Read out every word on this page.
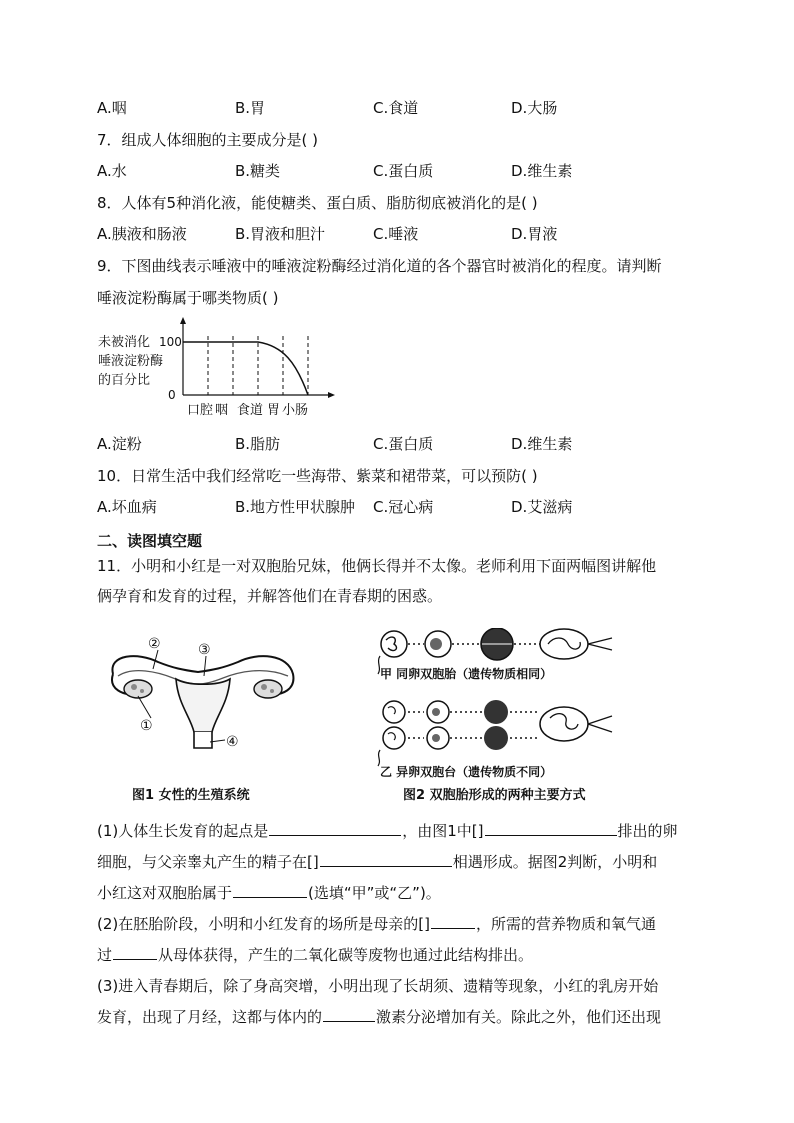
A.咽	B.胃	C.食道	D.大肠
7．组成人体细胞的主要成分是( )
A.水	B.糖类	C.蛋白质	D.维生素
8．人体有5种消化液，能使糖类、蛋白质、脂肪彻底被消化的是( )
A.胰液和肠液	B.胃液和胆汁	C.唾液	D.胃液
9．下图曲线表示唾液中的唾液淀粉酶经过消化道的各个器官时被消化的程度。请判断
唾液淀粉酶属于哪类物质( )
未被消化
唾液淀粉酶
的百分比
100
0
口腔 咽 食道 胃 小肠
A.淀粉	B.脂肪	C.蛋白质	D.维生素
10．日常生活中我们经常吃一些海带、紫菜和裙带菜，可以预防( )
A.坏血病	B.地方性甲状腺肿 C.冠心病	D.艾滋病
二、读图填空题
11．小明和小红是一对双胞胎兄妹，他俩长得并不太像。老师利用下面两幅图讲解他
俩孕育和发育的过程，并解答他们在青春期的困惑。
②	③
①
④
图1 女性的生殖系统
甲 同卵双胞胎（遗传物质相同）
乙 异卵双胞台（遗传物质不同）
图2 双胞胎形成的两种主要方式
(1)人体生长发育的起点是	，由图1中[]	排出的卵
细胞，与父亲睾丸产生的精子在[]	相遇形成。据图2判断，小明和
小红这对双胞胎属于	(选填“甲”或“乙”)。
(2)在胚胎阶段，小明和小红发育的场所是母亲的[]	，所需的营养物质和氧气通
过	从母体获得，产生的二氧化碳等废物也通过此结构排出。
(3)进入青春期后，除了身高突增，小明出现了长胡须、遗精等现象，小红的乳房开始
发育，出现了月经，这都与体内的	激素分泌增加有关。除此之外，他们还出现
